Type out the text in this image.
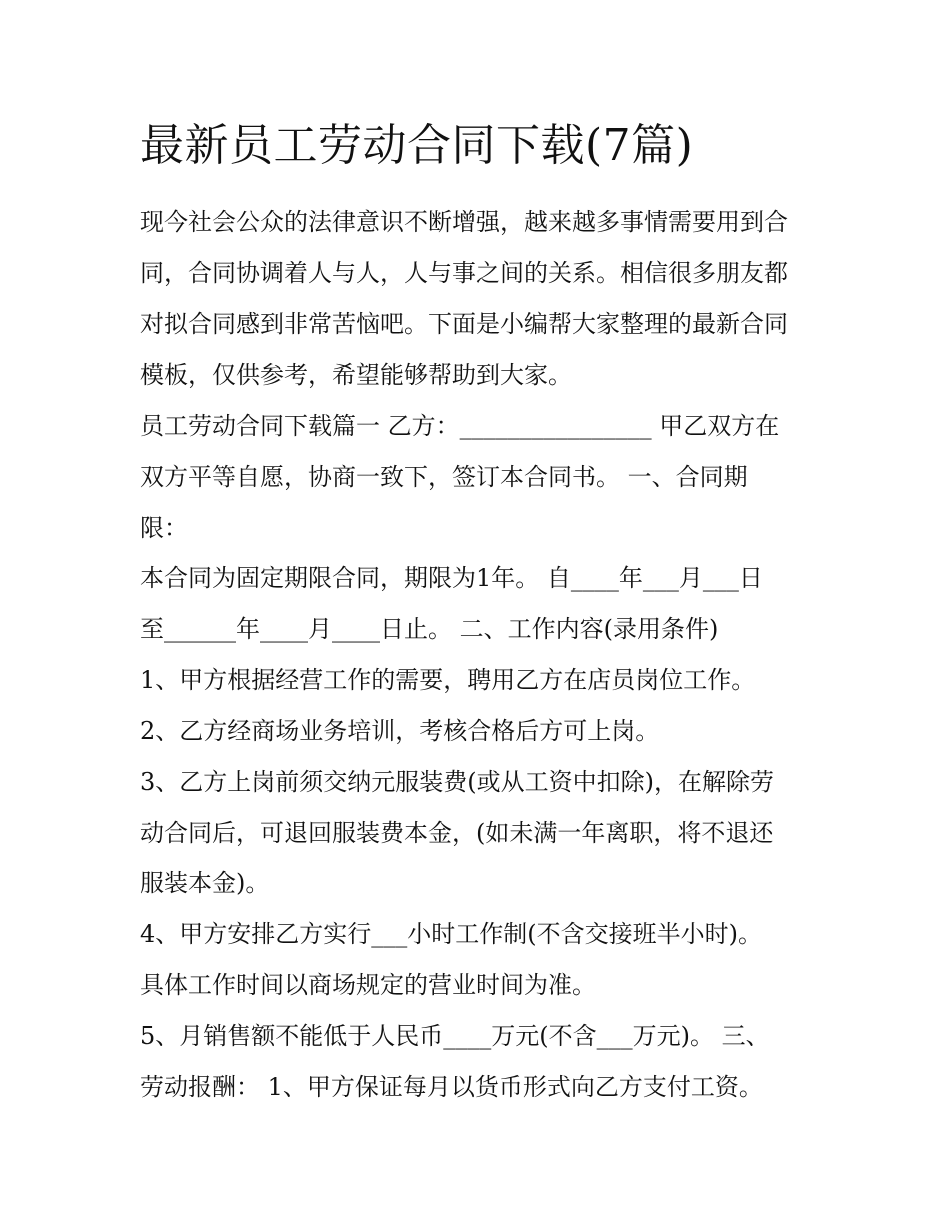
最新员工劳动合同下载(7篇)

现今社会公众的法律意识不断增强，越来越多事情需要用到合

同，合同协调着人与人，人与事之间的关系。相信很多朋友都

对拟合同感到非常苦恼吧。下面是小编帮大家整理的最新合同

模板，仅供参考，希望能够帮助到大家。

员工劳动合同下载篇一 乙方：________________ 甲乙双方在

双方平等自愿，协商一致下，签订本合同书。 一、合同期

限：

本合同为固定期限合同，期限为1年。 自____年___月___日

至______年____月____日止。 二、工作内容(录用条件)

1、甲方根据经营工作的需要，聘用乙方在店员岗位工作。

2、乙方经商场业务培训，考核合格后方可上岗。

3、乙方上岗前须交纳元服装费(或从工资中扣除)，在解除劳

动合同后，可退回服装费本金，(如未满一年离职，将不退还

服装本金)。

4、甲方安排乙方实行___小时工作制(不含交接班半小时)。

具体工作时间以商场规定的营业时间为准。

5、月销售额不能低于人民币____万元(不含___万元)。 三、

劳动报酬： 1、甲方保证每月以货币形式向乙方支付工资。
